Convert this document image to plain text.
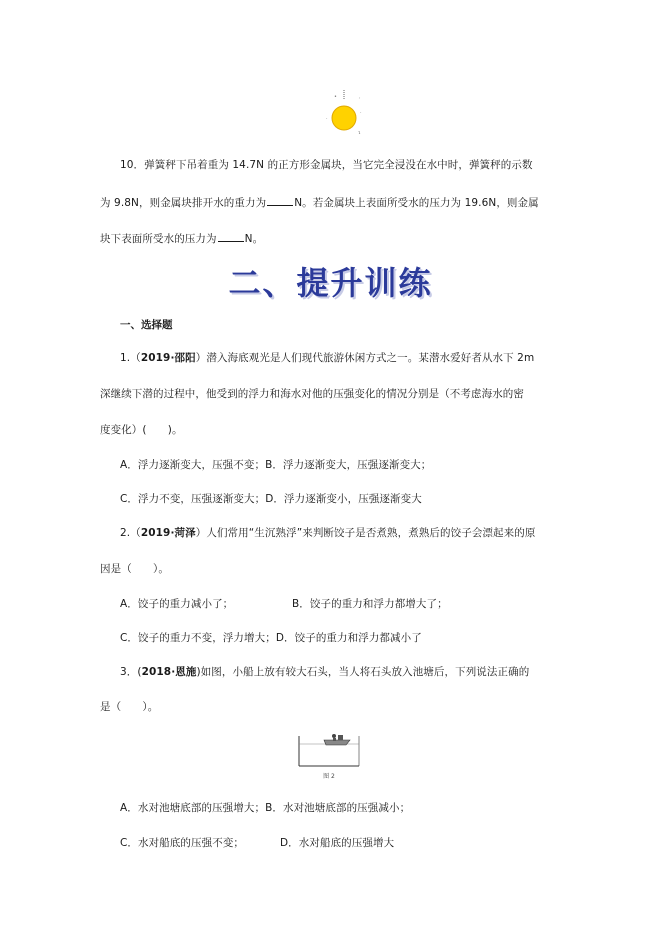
•
ˊ
·
ɿ
·
10．弹簧秤下吊着重为 14.7N 的正方形金属块，当它完全浸没在水中时，弹簧秤的示数
为 9.8N，则金属块排开水的重力为	N。若金属块上表面所受水的压力为 19.6N，则金属
块下表面所受水的压力为	N。
二、提升训练
一、选择题
1.（2019·邵阳）潜入海底观光是人们现代旅游休闲方式之一。某潜水爱好者从水下 2m
深继续下潜的过程中，他受到的浮力和海水对他的压强变化的情况分别是（不考虑海水的密
度变化）(　　)。
A．浮力逐渐变大，压强不变；B．浮力逐渐变大，压强逐渐变大；
C．浮力不变，压强逐渐变大；D．浮力逐渐变小，压强逐渐变大
2.（2019·菏泽）人们常用“生沉熟浮”来判断饺子是否煮熟，煮熟后的饺子会漂起来的原
因是（　　）。
A．饺子的重力减小了；	B．饺子的重力和浮力都增大了；
C．饺子的重力不变，浮力增大；D．饺子的重力和浮力都减小了
3．(2018·恩施)如图，小船上放有较大石头，当人将石头放入池塘后，下列说法正确的
是（　　）。
图 2
A．水对池塘底部的压强增大；B．水对池塘底部的压强减小；
C．水对船底的压强不变；	D．水对船底的压强增大
